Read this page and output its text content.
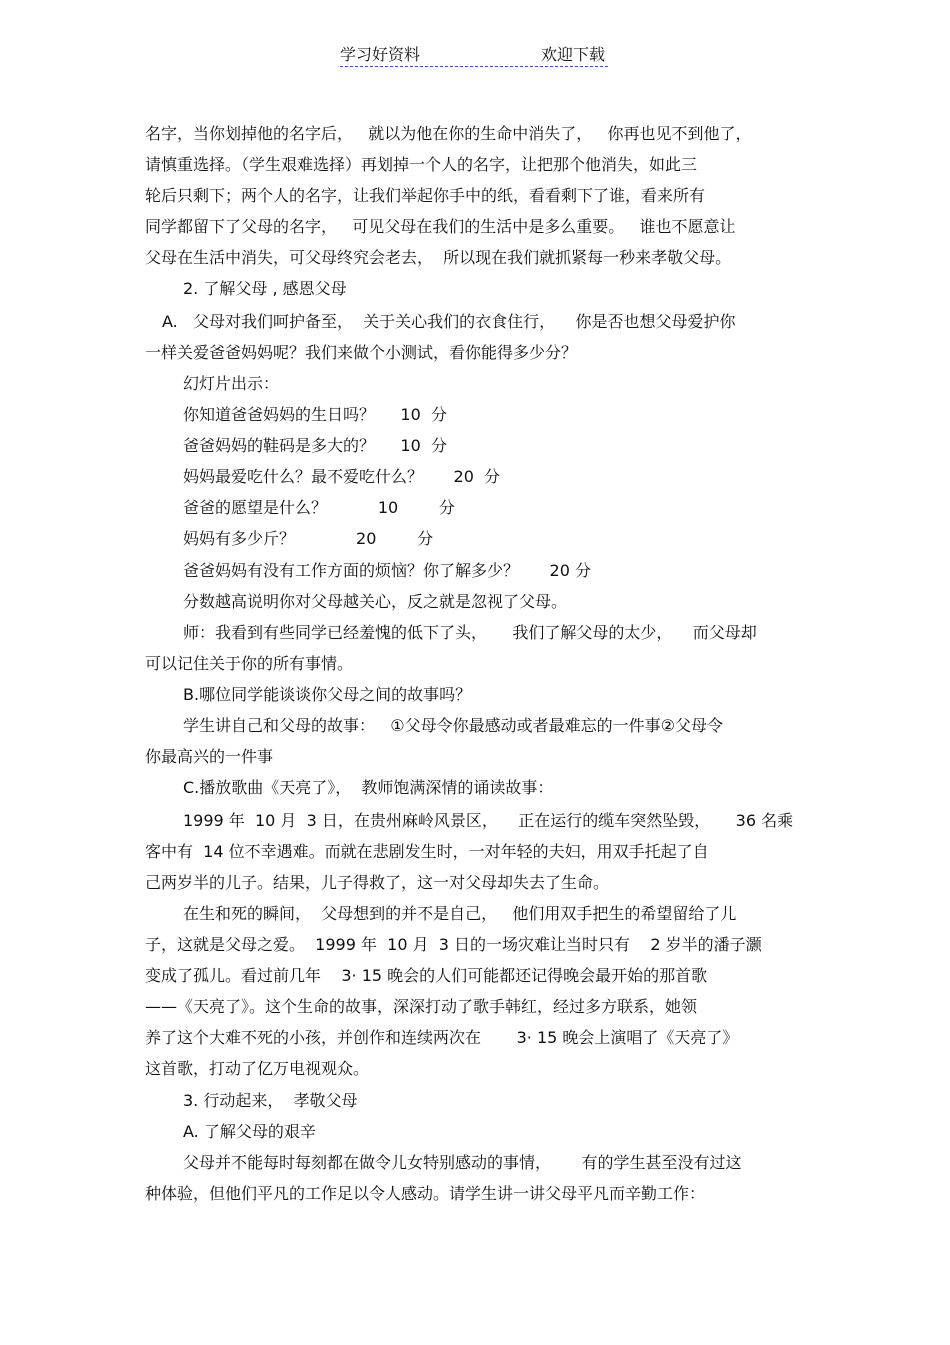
学习好资料	欢迎下载
名字，当你划掉他的名字后，   就以为他在你的生命中消失了，   你再也见不到他了，
请慎重选择。（学生艰难选择）再划掉一个人的名字，让把那个他消失，如此三
轮后只剩下；两个人的名字，让我们举起你手中的纸，看看剩下了谁，看来所有
同学都留下了父母的名字，   可见父母在我们的生活中是多么重要。   谁也不愿意让
父母在生活中消失，可父母终究会老去，  所以现在我们就抓紧每一秒来孝敬父母。
2. 了解父母 , 感恩父母
A.   父母对我们呵护备至，  关于关心我们的衣食住行，    你是否也想父母爱护你
一样关爱爸爸妈妈呢？我们来做个小测试，看你能得多少分？
幻灯片出示：
你知道爸爸妈妈的生日吗？     10  分
爸爸妈妈的鞋码是多大的？     10  分
妈妈最爱吃什么？最不爱吃什么？      20  分
爸爸的愿望是什么？          10        分
妈妈有多少斤？            20        分
爸爸妈妈有没有工作方面的烦恼？你了解多少？      20 分
分数越高说明你对父母越关心，反之就是忽视了父母。
师：我看到有些同学已经羞愧的低下了头，     我们了解父母的太少，    而父母却
可以记住关于你的所有事情。
B.哪位同学能谈谈你父母之间的故事吗？
学生讲自己和父母的故事：   ①父母令你最感动或者最难忘的一件事②父母令
你最高兴的一件事
C.播放歌曲《天亮了》，  教师饱满深情的诵读故事：
1999 年  10 月  3 日，在贵州麻岭风景区，    正在运行的缆车突然坠毁，     36 名乘
客中有  14 位不幸遇难。而就在悲剧发生时，一对年轻的夫妇，用双手托起了自
己两岁半的儿子。结果，儿子得救了，这一对父母却失去了生命。
在生和死的瞬间，  父母想到的并不是自己，   他们用双手把生的希望留给了儿
子，这就是父母之爱。  1999 年  10 月  3 日的一场灾难让当时只有    2 岁半的潘子灏
变成了孤儿。看过前几年    3· 15 晚会的人们可能都还记得晚会最开始的那首歌
——《天亮了》。这个生命的故事，深深打动了歌手韩红，经过多方联系，她领
养了这个大难不死的小孩，并创作和连续两次在       3· 15 晚会上演唱了《天亮了》
这首歌，打动了亿万电视观众。
3. 行动起来，  孝敬父母
A. 了解父母的艰辛
父母并不能每时每刻都在做令儿女特别感动的事情，      有的学生甚至没有过这
种体验，但他们平凡的工作足以令人感动。请学生讲一讲父母平凡而辛勤工作：
